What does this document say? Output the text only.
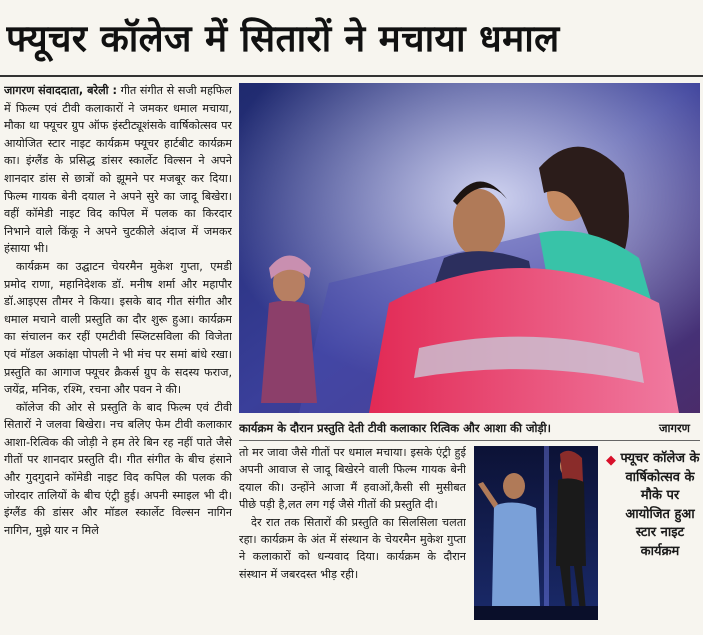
फ्यूचर कॉलेज में सितारों ने मचाया धमाल

जागरण संवाददाता, बरेली : गीत संगीत से सजी महफिल में फिल्म एवं टीवी कलाकारों ने जमकर धमाल मचाया, मौका था फ्यूचर ग्रुप ऑफ इंस्टीट्यूशंसके वार्षिकोत्सव पर आयोजित स्टार नाइट कार्यक्रम फ्यूचर हार्टबीट कार्यक्रम का। इंग्लैंड के प्रसिद्ध डांसर स्कार्लेट विल्सन ने अपने शानदार डांस से छात्रों को झूमने पर मजबूर कर दिया। फिल्म गायक बेनी दयाल ने अपने सुरे का जादू बिखेरा। वहीं कॉमेडी नाइट विद कपिल में पलक का किरदार निभाने वाले किंकू ने अपने चुटकीले अंदाज में जमकर हंसाया भी।

कार्यक्रम का उद्घाटन चेयरमैन मुकेश गुप्ता, एमडी प्रमोद राणा, महानिदेशक डॉ. मनीष शर्मा और महापौर डॉ.आइएस तौमर ने किया। इसके बाद गीत संगीत और धमाल मचाने वाली प्रस्तुति का दौर शुरू हुआ। कार्यक्रम का संचालन कर रहीं एमटीवी स्प्लिटसविला की विजेता एवं मॉडल अकांक्षा पोपली ने भी मंच पर समां बांधे रखा। प्रस्तुति का आगाज फ्यूचर क्रैकर्स ग्रुप के सदस्य फराज, जयेंद्र, मनिक, रश्मि, रचना और पवन ने की।

कॉलेज की ओर से प्रस्तुति के बाद फिल्म एवं टीवी सितारों ने जलवा बिखेरा। नच बलिए फेम टीवी कलाकार आशा-रित्विक की जोड़ी ने हम तेरे बिन रह नहीं पाते जैसे गीतों पर शानदार प्रस्तुति दी। गीत संगीत के बीच हंसाने और गुदगुदाने कॉमेडी नाइट विद कपिल की पलक की जोरदार तालियों के बीच एंट्री हुई। अपनी स्माइल भी दी। इंग्लैंड की डांसर और मॉडल स्कार्लेट विल्सन नागिन नागिन, मुझे यार न मिले

कार्यक्रम के दौरान प्रस्तुति देती टीवी कलाकार रित्विक और आशा की जोड़ी।	जागरण

तो मर जावा जैसे गीतों पर धमाल मचाया। इसके एंट्री हुई अपनी आवाज से जादू बिखेरने वाली फिल्म गायक बेनी दयाल की। उन्होंने आजा मैं हवाओं,कैसी सी मुसीबत पीछे पड़ी है,लत लग गई जैसे गीतों की प्रस्तुति दी।

देर रात तक सितारों की प्रस्तुति का सिलसिला चलता रहा। कार्यक्रम के अंत में संस्थान के चेयरमैन मुकेश गुप्ता ने कलाकारों को धन्यवाद दिया। कार्यक्रम के दौरान संस्थान में जबरदस्त भीड़ रही।

◆ फ्यूचर कॉलेज के वार्षिकोत्सव के मौके पर आयोजित हुआ स्टार नाइट कार्यक्रम
